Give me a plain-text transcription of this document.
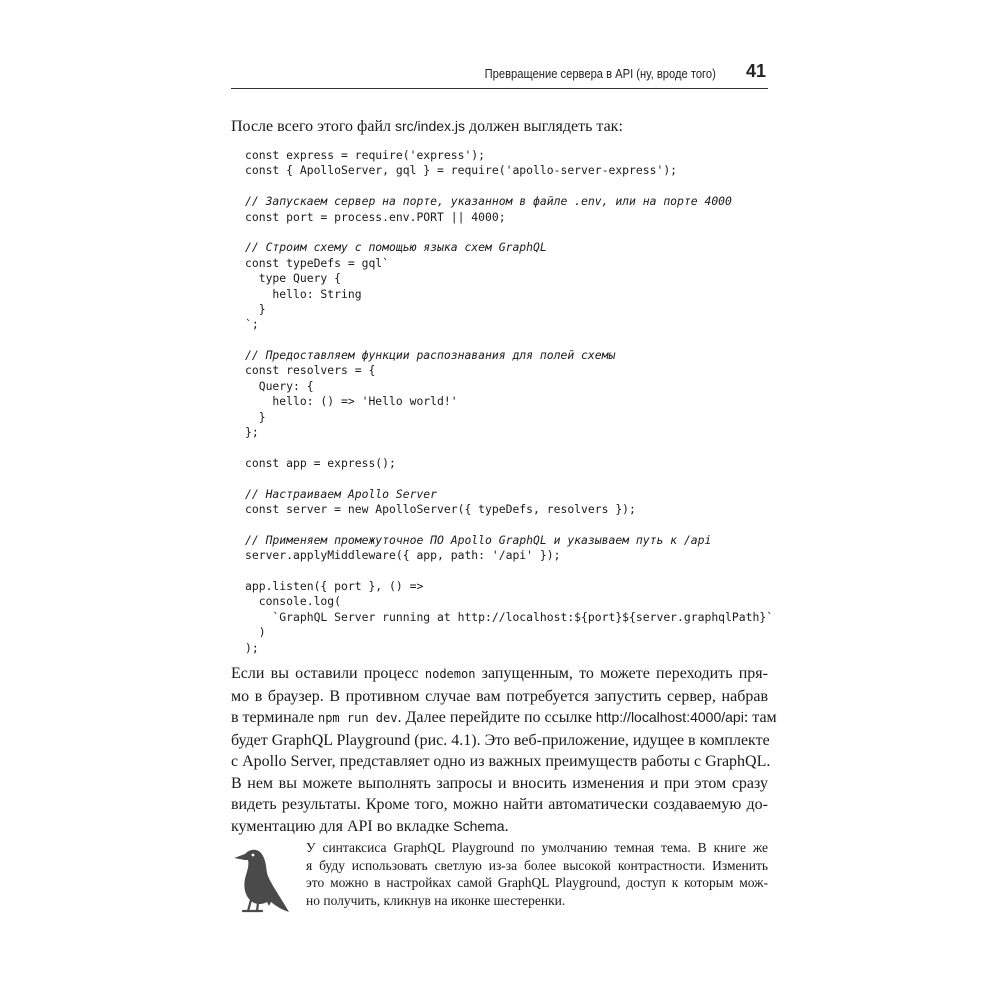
Превращение сервера в API (ну, вроде того) 41
После всего этого файл src/index.js должен выглядеть так:
const express = require('express');
const { ApolloServer, gql } = require('apollo-server-express');
// Запускаем сервер на порте, указанном в файле .env, или на порте 4000
const port = process.env.PORT || 4000;
// Строим схему с помощью языка схем GraphQL
const typeDefs = gql`
type Query {
hello: String
}
`;
// Предоставляем функции распознавания для полей схемы
const resolvers = {
Query: {
hello: () => 'Hello world!'
}
};
const app = express();
// Настраиваем Apollo Server
const server = new ApolloServer({ typeDefs, resolvers });
// Применяем промежуточное ПО Apollo GraphQL и указываем путь к /api
server.applyMiddleware({ app, path: '/api' });
app.listen({ port }, () =>
console.log(
`GraphQL Server running at http://localhost:${port}${server.graphqlPath}`
)
);
Если вы оставили процесс nodemon запущенным, то можете переходить пря-
мо в браузер. В противном случае вам потребуется запустить сервер, набрав
в терминале npm run dev. Далее перейдите по ссылке http://localhost:4000/api: там
будет GraphQL Playground (рис. 4.1). Это веб-приложение, идущее в комплекте
с Apollo Server, представляет одно из важных преимуществ работы с GraphQL.
В нем вы можете выполнять запросы и вносить изменения и при этом сразу
видеть результаты. Кроме того, можно найти автоматически создаваемую до-
кументацию для API во вкладке Schema.
У синтаксиса GraphQL Playground по умолчанию темная тема. В книге же
я буду использовать светлую из-за более высокой контрастности. Изменить
это можно в настройках самой GraphQL Playground, доступ к которым мож-
но получить, кликнув на иконке шестеренки.
